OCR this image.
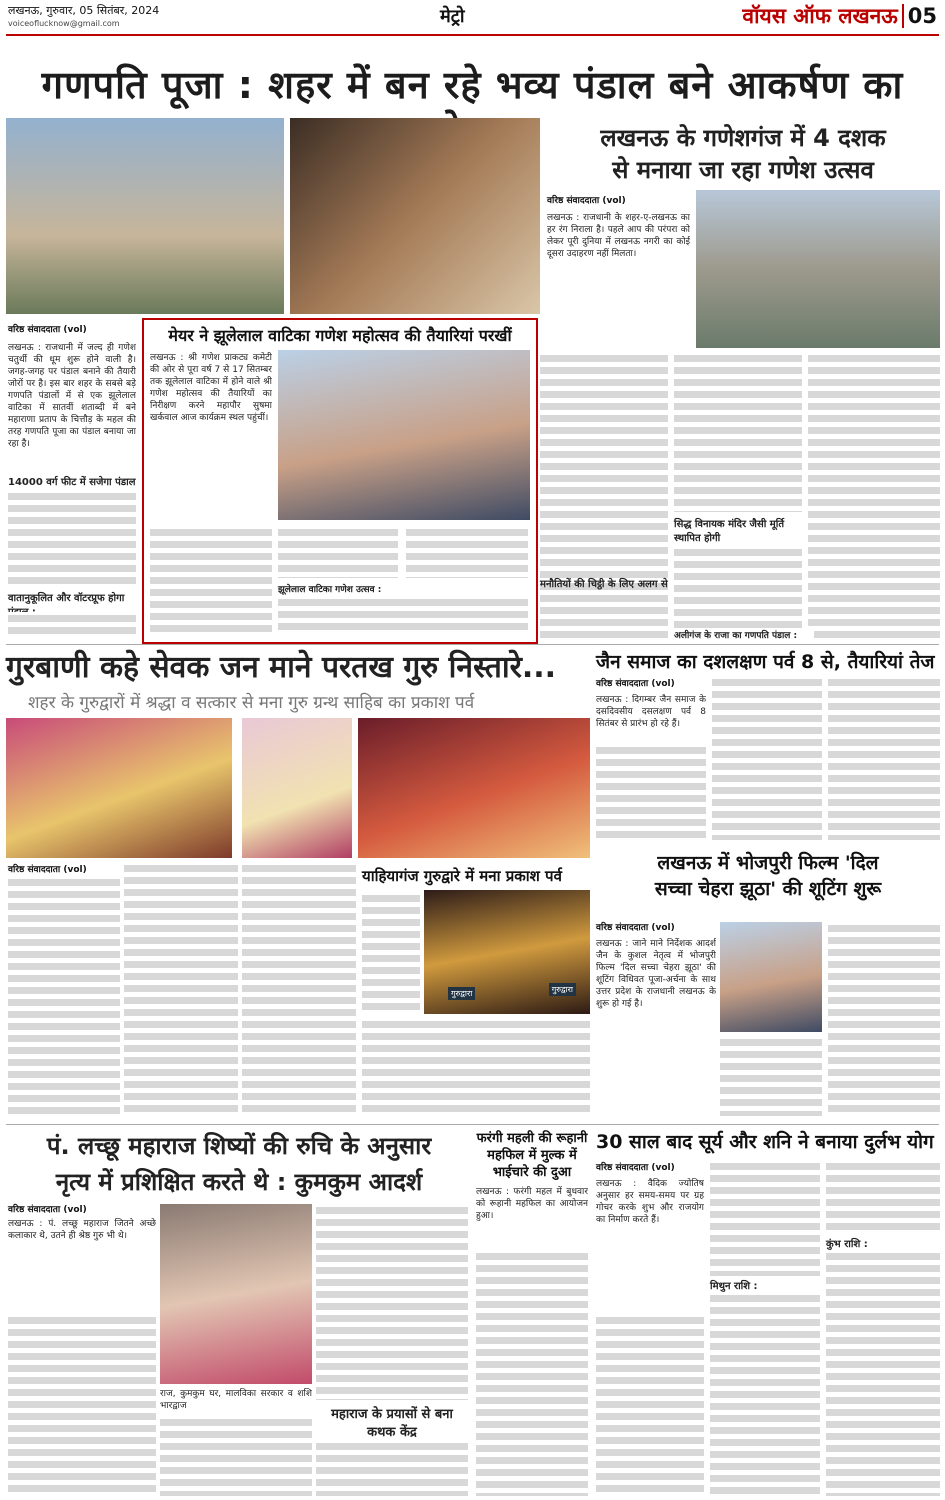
लखनऊ, गुरुवार, 05 सितंबर, 2024
voiceoflucknow@gmail.com	मेट्रो	वॉयस ऑफ लखनऊ 05
गणपति पूजा : शहर में बन रहे भव्य पंडाल बने आकर्षण का
लखनऊ के गणेशगंज में 4 दशक
से मनाया जा रहा गणेश उत्सव
वरिष्ठ संवाददाता (vol)
लखनऊ : राजधानी के शहर-ए-लखनऊ का हर रंग निराला है। पहले आप की परंपरा को लेकर पूरी दुनिया में लखनऊ नगरी का कोई दूसरा उदाहरण नहीं मिलता।
वरिष्ठ संवाददाता (vol)
लखनऊ : राजधानी में जल्द ही गणेश चतुर्थी की धूम शुरू होने वाली है। जगह-जगह पर पंडाल बनाने की तैयारी जोरों पर है। इस बार शहर के सबसे बड़े गणपति पंडालों में से एक झूलेलाल वाटिका में सातवीं शताब्दी में बने महाराणा प्रताप के चित्तौड़ के महल की तरह गणपति पूजा का पंडाल बनाया जा रहा है।
14000 वर्ग फीट में सजेगा पंडाल
वातानुकूलित और वॉटरप्रूफ होगा
मेयर ने झूलेलाल वाटिका गणेश महोत्सव की तैयारियां परखीं
लखनऊ : श्री गणेश प्राकट्य कमेटी की ओर से पूरा वर्ष 7 से 17 सितम्बर तक झूलेलाल वाटिका में होने वाले श्री गणेश महोत्सव की तैयारियों का निरीक्षण करने महापौर सुषमा खर्कवाल आज कार्यक्रम स्थल पहुंचीं।
झूलेलाल वाटिका गणेश उत्सव :	मनौतियों की चिट्ठी के लिए अलग से
सिद्ध विनायक मंदिर जैसी मूर्ति स्थापित होगी
अलीगंज के राजा का गणपति पंडाल :
गुरबाणी कहे सेवक जन माने परतख गुरु निस्तारे...
शहर के गुरुद्वारों में श्रद्धा व सत्कार से मना गुरु ग्रन्थ साहिब का प्रकाश पर्व
जैन समाज का दशलक्षण पर्व 8 से, तैयारियां तेज
वरिष्ठ संवाददाता (vol)
लखनऊ : दिगम्बर जैन समाज के दसदिवसीय दसलक्षण पर्व 8 सितंबर से प्रारंभ हो रहे हैं।
वरिष्ठ संवाददाता (vol)	याहियागंज गुरुद्वारे में मना प्रकाश पर्व
गुरुद्वारा	गुरुद्वारा
लखनऊ में भोजपुरी फिल्म 'दिल
सच्चा चेहरा झूठा' की शूटिंग शुरू
वरिष्ठ संवाददाता (vol)
लखनऊ : जाने माने निर्देशक आदर्श जैन के कुशल नेतृत्व में भोजपुरी फिल्म 'दिल सच्चा चेहरा झूठा' की शूटिंग विधिवत पूजा-अर्चना के साथ उत्तर प्रदेश के राजधानी लखनऊ के शुरू हो गई है।
पं. लच्छू महाराज शिष्यों की रुचि के अनुसार
नृत्य में प्रशिक्षित करते थे : कुमकुम आदर्श
वरिष्ठ संवाददाता (vol)
लखनऊ : पं. लच्छू महाराज जितने अच्छे कलाकार थे, उतने ही श्रेष्ठ गुरु भी थे।
राज, कुमकुम घर, मालविका सरकार व शशि भारद्वाज
महाराज के प्रयासों से बना कथक केंद्र
फरंगी महली की रूहानी
महफिल में मुल्क में
भाईचारे की दुआ
लखनऊ : फरंगी महल में बुधवार को रूहानी महफिल का आयोजन हुआ।
30 साल बाद सूर्य और शनि ने बनाया दुर्लभ योग
वरिष्ठ संवाददाता (vol)
लखनऊ : वैदिक ज्योतिष अनुसार हर समय-समय पर ग्रह गोचर करके शुभ और राजयोग का निर्माण करते हैं।
मिथुन राशि :
कुंभ राशि :
